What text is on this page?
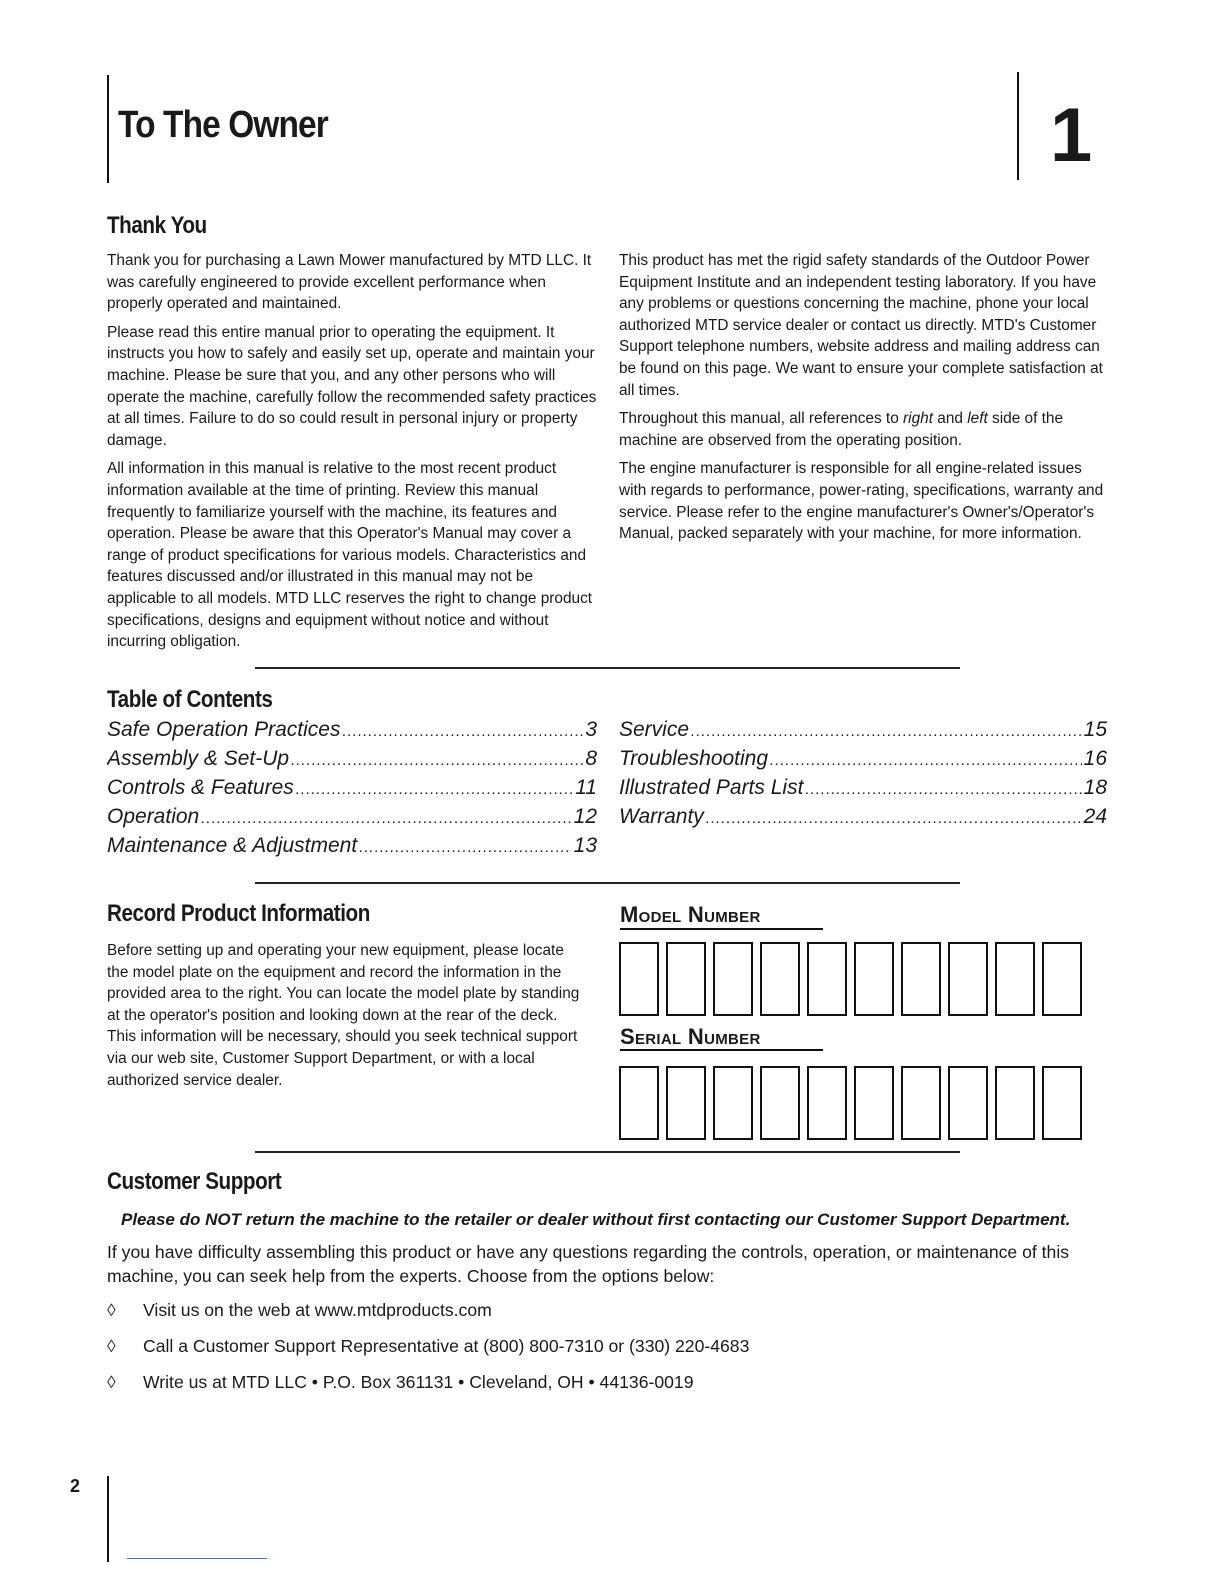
To The Owner	1
Thank You

Thank you for purchasing a Lawn Mower manufactured by MTD LLC. It was carefully engineered to provide excellent performance when properly operated and maintained.

Please read this entire manual prior to operating the equipment. It instructs you how to safely and easily set up, operate and maintain your machine. Please be sure that you, and any other persons who will operate the machine, carefully follow the recommended safety practices at all times. Failure to do so could result in personal injury or property damage.

All information in this manual is relative to the most recent product information available at the time of printing. Review this manual frequently to familiarize yourself with the machine, its features and operation. Please be aware that this Operator's Manual may cover a range of product specifications for various models. Characteristics and features discussed and/or illustrated in this manual may not be applicable to all models. MTD LLC reserves the right to change product specifications, designs and equipment without notice and without incurring obligation.

This product has met the rigid safety standards of the Outdoor Power Equipment Institute and an independent testing laboratory. If you have any problems or questions concerning the machine, phone your local authorized MTD service dealer or contact us directly. MTD's Customer Support telephone numbers, website address and mailing address can be found on this page. We want to ensure your complete satisfaction at all times.

Throughout this manual, all references to right and left side of the machine are observed from the operating position.

The engine manufacturer is responsible for all engine-related issues with regards to performance, power-rating, specifications, warranty and service. Please refer to the engine manufacturer's Owner's/Operator's Manual, packed separately with your machine, for more information.

Table of Contents
Safe Operation Practices .....	3
Assembly & Set-Up .....	8
Controls & Features .....	11
Operation .....	12
Maintenance & Adjustment .....	13
Service .....	15
Troubleshooting .....	16
Illustrated Parts List .....	18
Warranty .....	24
Record Product Information
Before setting up and operating your new equipment, please locate the model plate on the equipment and record the information in the provided area to the right. You can locate the model plate by standing at the operator's position and looking down at the rear of the deck. This information will be necessary, should you seek technical support via our web site, Customer Support Department, or with a local authorized service dealer.
Model Number
Serial Number
Customer Support
Please do NOT return the machine to the retailer or dealer without first contacting our Customer Support Department.
If you have difficulty assembling this product or have any questions regarding the controls, operation, or maintenance of this machine, you can seek help from the experts. Choose from the options below:
◊	Visit us on the web at www.mtdproducts.com
◊	Call a Customer Support Representative at (800) 800-7310 or (330) 220-4683
◊	Write us at MTD LLC • P.O. Box 361131 • Cleveland, OH • 44136-0019
2
